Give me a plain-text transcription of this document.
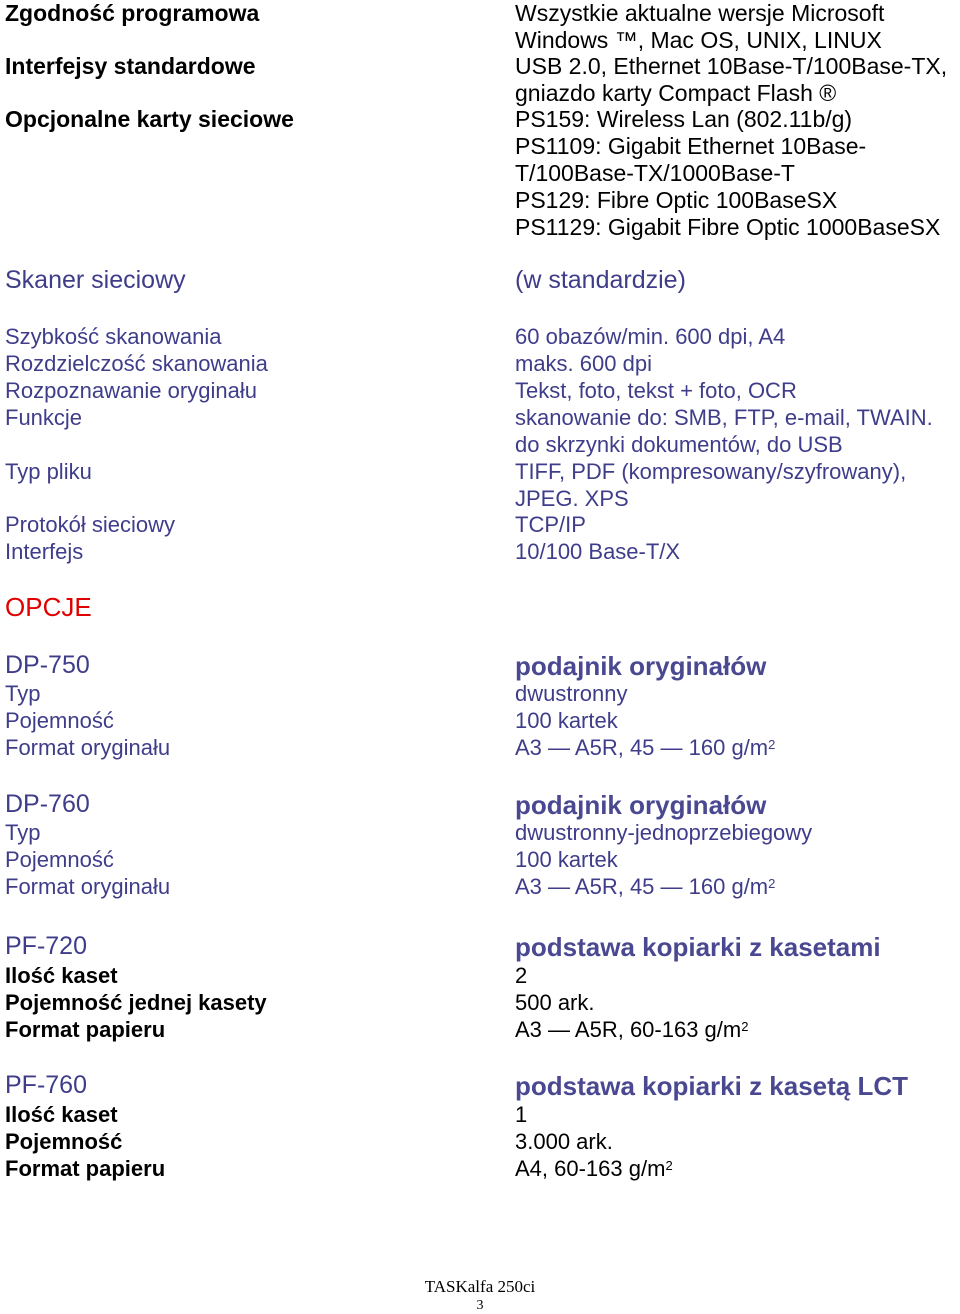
Zgodność programowa	Wszystkie aktualne wersje Microsoft
Windows ™, Mac OS, UNIX, LINUX
Interfejsy standardowe	USB 2.0, Ethernet 10Base-T/100Base-TX,
gniazdo karty Compact Flash ®
Opcjonalne karty sieciowe	PS159: Wireless Lan (802.11b/g)
PS1109: Gigabit Ethernet 10Base-
T/100Base-TX/1000Base-T
PS129: Fibre Optic 100BaseSX
PS1129: Gigabit Fibre Optic 1000BaseSX
Skaner sieciowy	(w standardzie)
Szybkość skanowania	60 obazów/min. 600 dpi, A4
Rozdzielczość skanowania	maks. 600 dpi
Rozpoznawanie oryginału	Tekst, foto, tekst + foto, OCR
Funkcje	skanowanie do: SMB, FTP, e-mail, TWAIN.
do skrzynki dokumentów, do USB
Typ pliku	TIFF, PDF (kompresowany/szyfrowany),
JPEG. XPS
Protokół sieciowy	TCP/IP
Interfejs	10/100 Base-T/X
OPCJE
DP-750	podajnik oryginałów
Typ	dwustronny
Pojemność	100 kartek
Format oryginału	A3 — A5R, 45 — 160 $g/m^2$
DP-760	podajnik oryginałów
Typ	dwustronny-jednoprzebiegowy
Pojemność	100 kartek
Format oryginału	A3 — A5R, 45 — 160 $g/m^2$
PF-720	podstawa kopiarki z kasetami
Ilość kaset	2
Pojemność jednej kasety	500 ark.
Format papieru	A3 — A5R, 60-163 $g/m^2$
PF-760	podstawa kopiarki z kasetą LCT
Ilość kaset	1
Pojemność	3.000 ark.
Format papieru	A4, 60-163 $g/m^2$
TASKalfa 250ci
3
